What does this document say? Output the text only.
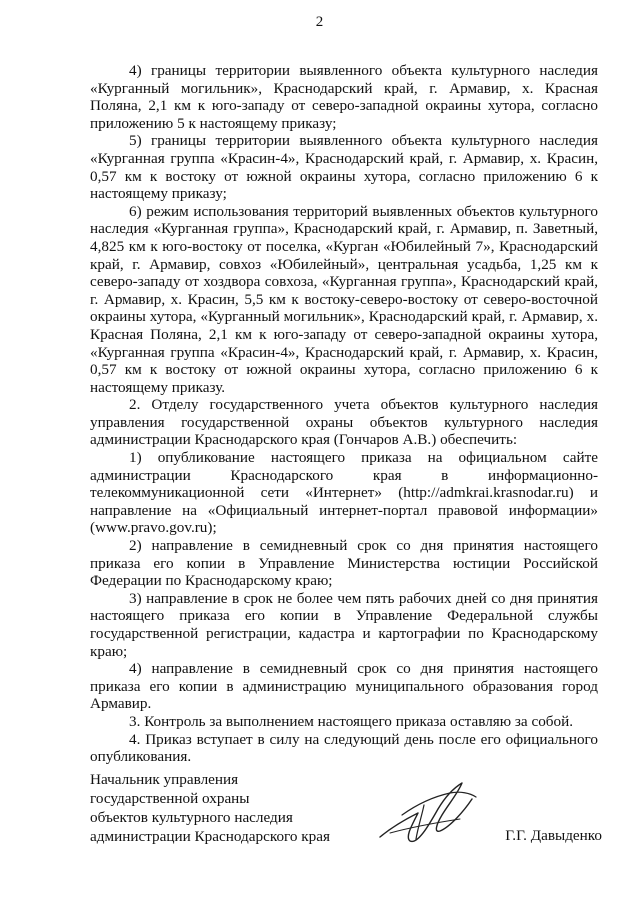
2

4) границы территории выявленного объекта культурного наследия «Курганный могильник», Краснодарский край, г. Армавир, х. Красная Поляна, 2,1 км к юго-западу от северо-западной окраины хутора, согласно приложению 5 к настоящему приказу;

5) границы территории выявленного объекта культурного наследия «Курганная группа «Красин-4», Краснодарский край, г. Армавир, х. Красин, 0,57 км к востоку от южной окраины хутора, согласно приложению 6 к настоящему приказу;

6) режим использования территорий выявленных объектов культурного наследия «Курганная группа», Краснодарский край, г. Армавир, п. Заветный, 4,825 км к юго-востоку от поселка, «Курган «Юбилейный 7», Краснодарский край, г. Армавир, совхоз «Юбилейный», центральная усадьба, 1,25 км к северо-западу от хоздвора совхоза, «Курганная группа», Краснодарский край, г. Армавир, х. Красин, 5,5 км к востоку-северо-востоку от северо-восточной окраины хутора, «Курганный могильник», Краснодарский край, г. Армавир, х. Красная Поляна, 2,1 км к юго-западу от северо-западной окраины хутора, «Курганная группа «Красин-4», Краснодарский край, г. Армавир, х. Красин, 0,57 км к востоку от южной окраины хутора, согласно приложению 6 к настоящему приказу.

2. Отделу государственного учета объектов культурного наследия управления государственной охраны объектов культурного наследия администрации Краснодарского края (Гончаров А.В.) обеспечить:

1) опубликование настоящего приказа на официальном сайте администрации Краснодарского края в информационно-телекоммуникационной сети «Интернет» (http://admkrai.krasnodar.ru) и направление на «Официальный интернет-портал правовой информации» (www.pravo.gov.ru);

2) направление в семидневный срок со дня принятия настоящего приказа его копии в Управление Министерства юстиции Российской Федерации по Краснодарскому краю;

3) направление в срок не более чем пять рабочих дней со дня принятия настоящего приказа его копии в Управление Федеральной службы государственной регистрации, кадастра и картографии по Краснодарскому краю;

4) направление в семидневный срок со дня принятия настоящего приказа его копии в администрацию муниципального образования город Армавир.

3. Контроль за выполнением настоящего приказа оставляю за собой.

4. Приказ вступает в силу на следующий день после его официального опубликования.

Начальник управления
государственной охраны
объектов культурного наследия
администрации Краснодарского края	Г.Г. Давыденко
